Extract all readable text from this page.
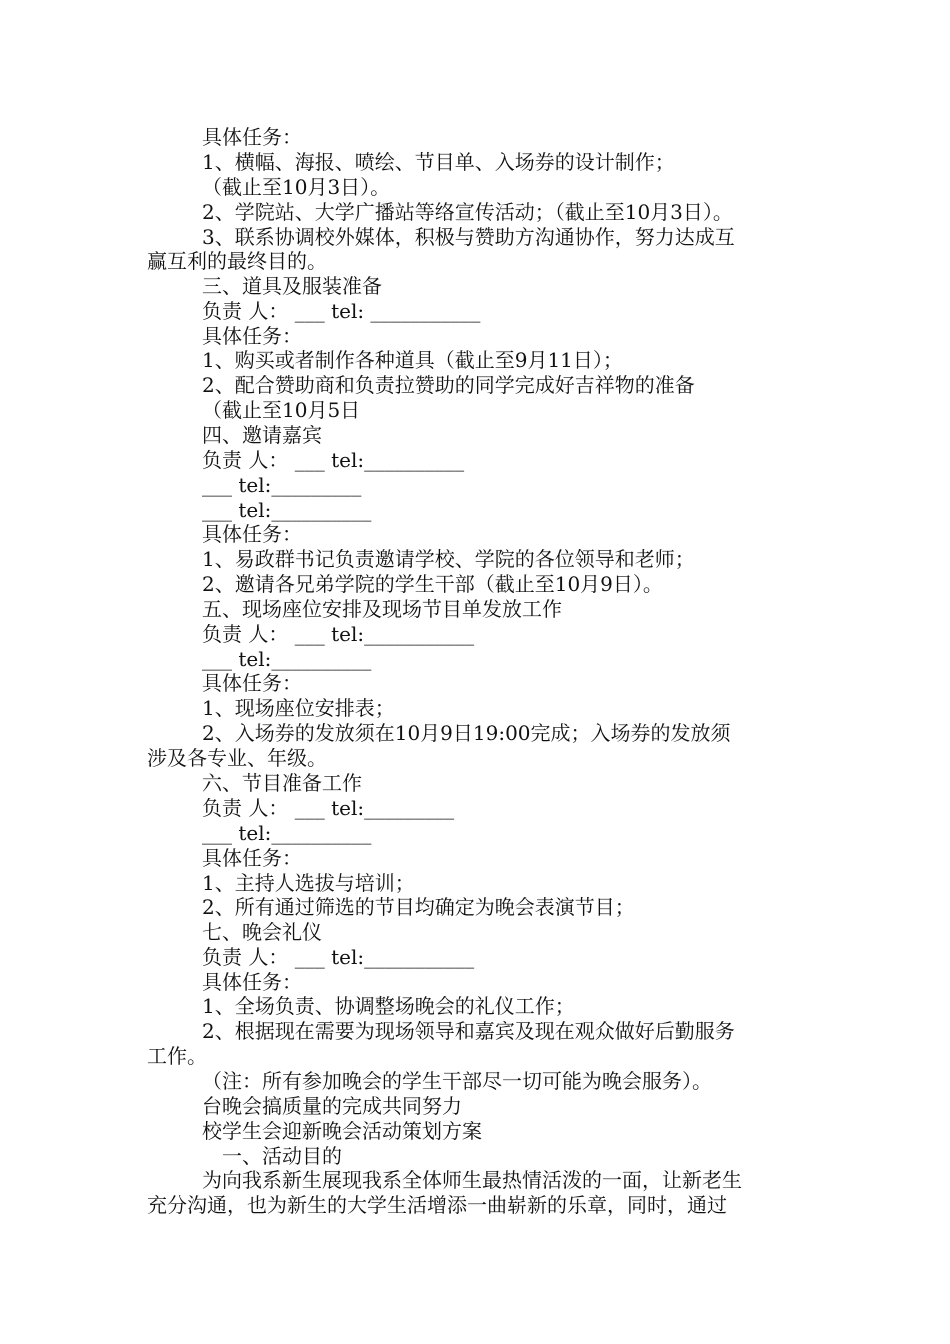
具体任务：
1、横幅、海报、喷绘、节目单、入场券的设计制作；
（截止至10月3日）。
2、学院站、大学广播站等络宣传活动；（截止至10月3日）。
3、联系协调校外媒体，积极与赞助方沟通协作，努力达成互
赢互利的最终目的。
三、道具及服装准备
负责 人： ___ tel: ___________
具体任务：
1、购买或者制作各种道具（截止至9月11日）；
2、配合赞助商和负责拉赞助的同学完成好吉祥物的准备
（截止至10月5日
四、邀请嘉宾
负责 人： ___ tel:__________
___ tel:_________
___ tel:__________
具体任务：
1、易政群书记负责邀请学校、学院的各位领导和老师；
2、邀请各兄弟学院的学生干部（截止至10月9日）。
五、现场座位安排及现场节目单发放工作
负责 人： ___ tel:___________
___ tel:__________
具体任务：
1、现场座位安排表；
2、入场券的发放须在10月9日19:00完成；入场券的发放须
涉及各专业、年级。
六、节目准备工作
负责 人： ___ tel:_________
___ tel:__________
具体任务：
1、主持人选拔与培训；
2、所有通过筛选的节目均确定为晚会表演节目；
七、晚会礼仪
负责 人： ___ tel:___________
具体任务：
1、全场负责、协调整场晚会的礼仪工作；
2、根据现在需要为现场领导和嘉宾及现在观众做好后勤服务
工作。
（注：所有参加晚会的学生干部尽一切可能为晚会服务）。
台晚会搞质量的完成共同努力
校学生会迎新晚会活动策划方案
一、活动目的
为向我系新生展现我系全体师生最热情活泼的一面，让新老生
充分沟通，也为新生的大学生活增添一曲崭新的乐章，同时，通过
